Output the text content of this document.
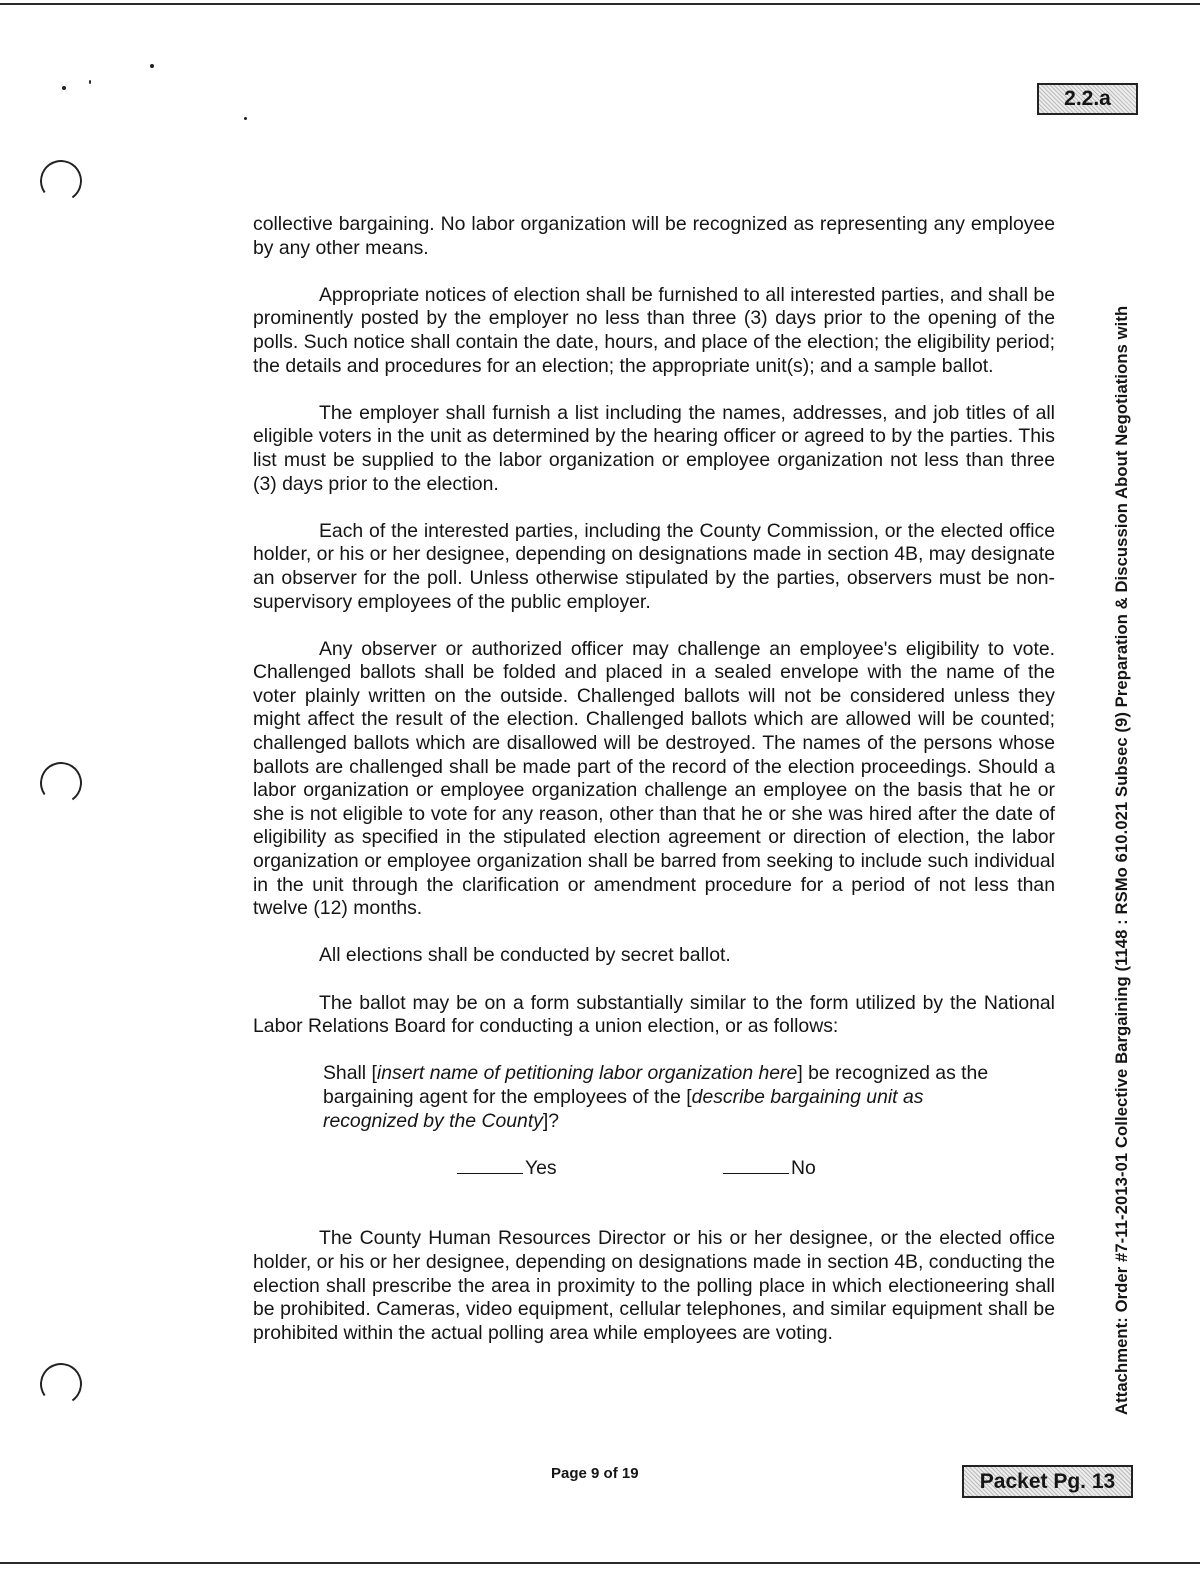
2.2.a
Attachment: Order #7-11-2013-01 Collective Bargaining (1148 : RSMo 610.021 Subsec (9) Preparation & Discussion About Negotiations with

collective bargaining. No labor organization will be recognized as representing any employee by any other means.

Appropriate notices of election shall be furnished to all interested parties, and shall be prominently posted by the employer no less than three (3) days prior to the opening of the polls. Such notice shall contain the date, hours, and place of the election; the eligibility period; the details and procedures for an election; the appropriate unit(s); and a sample ballot.

The employer shall furnish a list including the names, addresses, and job titles of all eligible voters in the unit as determined by the hearing officer or agreed to by the parties. This list must be supplied to the labor organization or employee organization not less than three (3) days prior to the election.

Each of the interested parties, including the County Commission, or the elected office holder, or his or her designee, depending on designations made in section 4B, may designate an observer for the poll. Unless otherwise stipulated by the parties, observers must be non-supervisory employees of the public employer.

Any observer or authorized officer may challenge an employee's eligibility to vote. Challenged ballots shall be folded and placed in a sealed envelope with the name of the voter plainly written on the outside. Challenged ballots will not be considered unless they might affect the result of the election. Challenged ballots which are allowed will be counted; challenged ballots which are disallowed will be destroyed. The names of the persons whose ballots are challenged shall be made part of the record of the election proceedings. Should a labor organization or employee organization challenge an employee on the basis that he or she is not eligible to vote for any reason, other than that he or she was hired after the date of eligibility as specified in the stipulated election agreement or direction of election, the labor organization or employee organization shall be barred from seeking to include such individual in the unit through the clarification or amendment procedure for a period of not less than twelve (12) months.

All elections shall be conducted by secret ballot.

The ballot may be on a form substantially similar to the form utilized by the National Labor Relations Board for conducting a union election, or as follows:

Shall [insert name of petitioning labor organization here] be recognized as the bargaining agent for the employees of the [describe bargaining unit as recognized by the County]?
Yes	No

The County Human Resources Director or his or her designee, or the elected office holder, or his or her designee, depending on designations made in section 4B, conducting the election shall prescribe the area in proximity to the polling place in which electioneering shall be prohibited. Cameras, video equipment, cellular telephones, and similar equipment shall be prohibited within the actual polling area while employees are voting.

Page 9 of 19	Packet Pg. 13
